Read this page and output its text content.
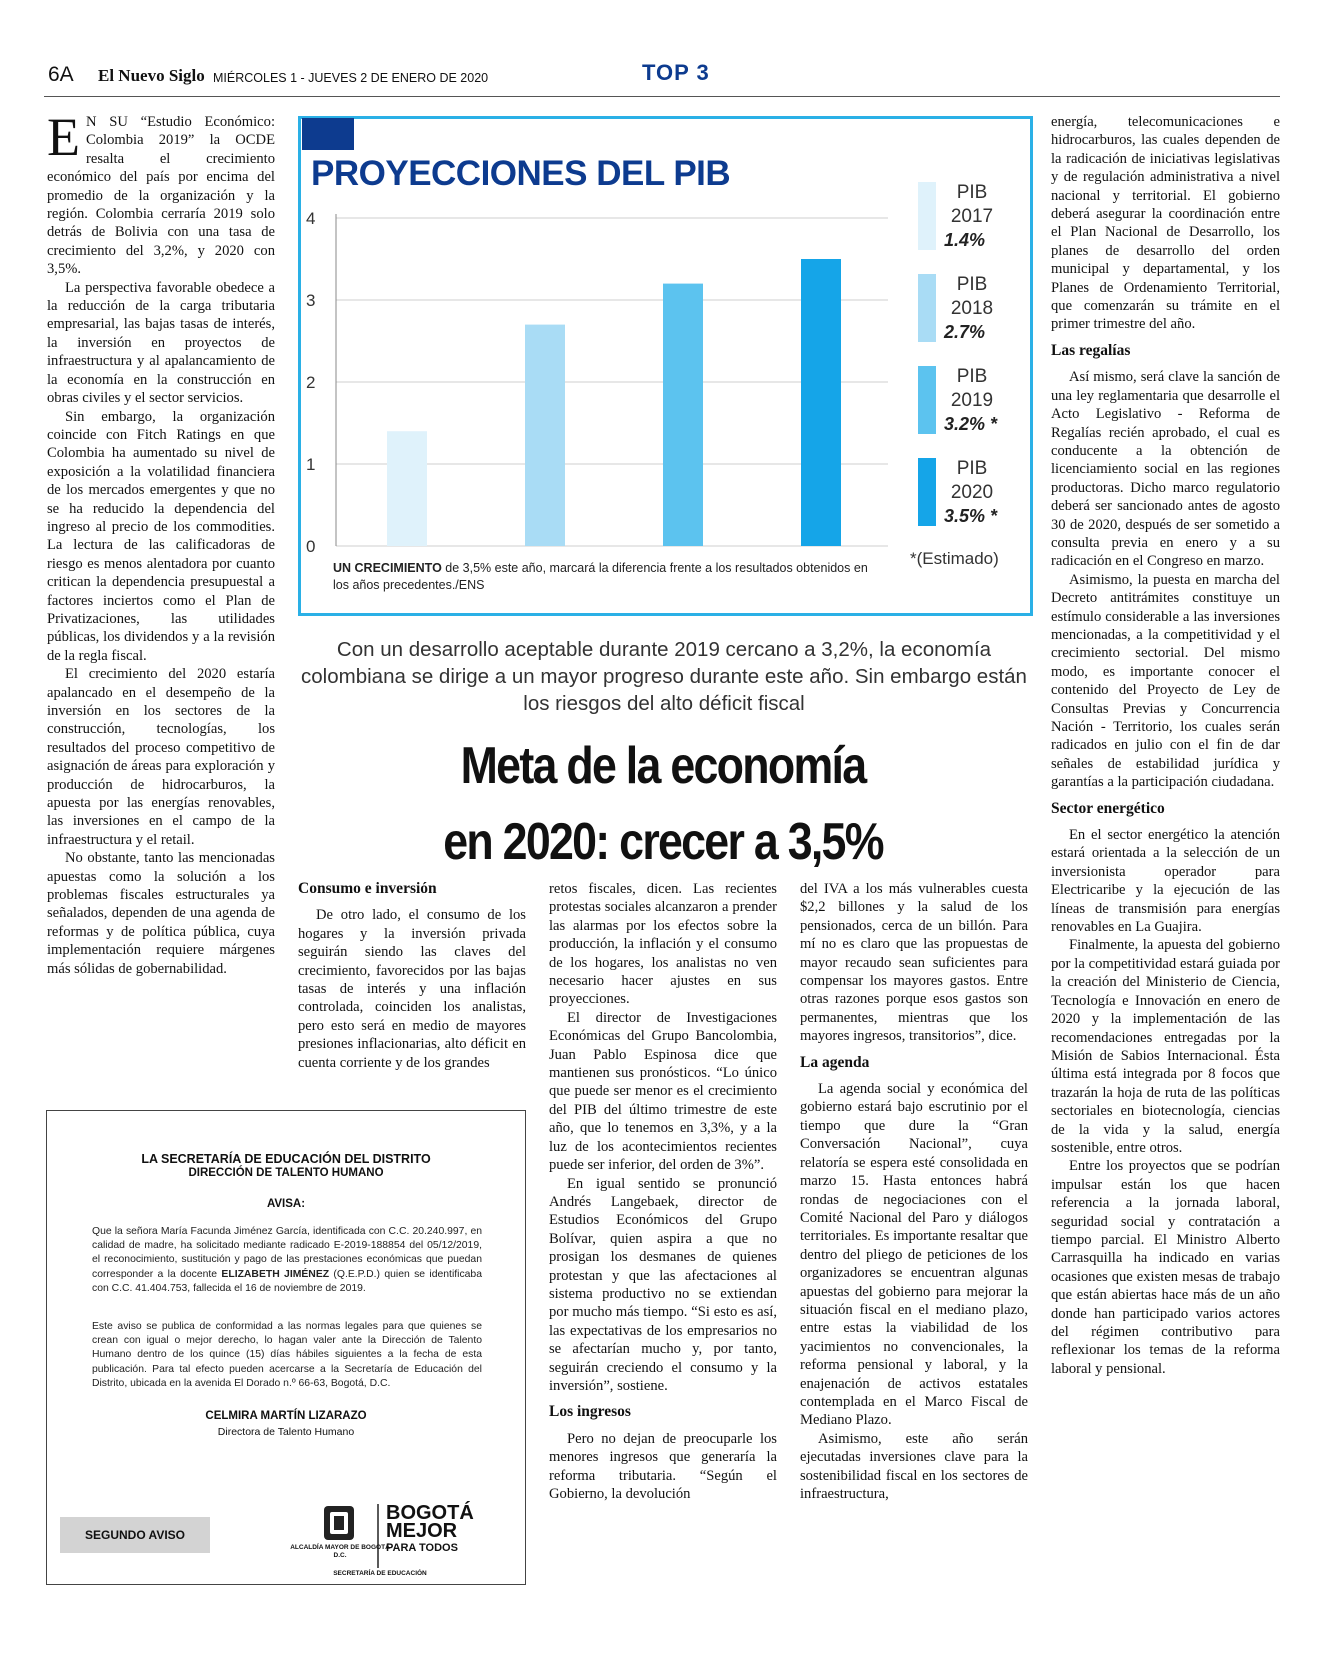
6A El Nuevo Siglo MIÉRCOLES 1 - JUEVES 2 DE ENERO DE 2020	TOP 3
E N SU “Estudio Económico: Colombia 2019” la OCDE resalta el crecimiento económico del país por encima del promedio de la organización y la región. Colombia cerraría 2019 solo detrás de Bolivia con una tasa de crecimiento del 3,2%, y 2020 con 3,5%.

La perspectiva favorable obedece a la reducción de la carga tributaria empresarial, las bajas tasas de interés, la inversión en proyectos de infraestructura y al apalancamiento de la economía en la construcción en obras civiles y el sector servicios.

Sin embargo, la organización coincide con Fitch Ratings en que Colombia ha aumentado su nivel de exposición a la volatilidad financiera de los mercados emergentes y que no se ha reducido la dependencia del ingreso al precio de los commodities. La lectura de las calificadoras de riesgo es menos alentadora por cuanto critican la dependencia presupuestal a factores inciertos como el Plan de Privatizaciones, las utilidades públicas, los dividendos y a la revisión de la regla fiscal.

El crecimiento del 2020 estaría apalancado en el desempeño de la inversión en los sectores de la construcción, tecnologías, los resultados del proceso competitivo de asignación de áreas para exploración y producción de hidrocarburos, la apuesta por las energías renovables, las inversiones en el campo de la infraestructura y el retail.

No obstante, tanto las mencionadas apuestas como la solución a los problemas fiscales estructurales ya señalados, dependen de una agenda de reformas y de política pública, cuya implementación requiere márgenes más sólidas de gobernabilidad.

PROYECCIONES DEL PIB
0
1
2
3
4
PIB
2017
1.4%
PIB
2018
2.7%
PIB
2019
3.2% *
PIB
2020
3.5% *
*(Estimado)
UN CRECIMIENTO de 3,5% este año, marcará la diferencia frente a los resultados obtenidos en los años precedentes./ENS
Con un desarrollo aceptable durante 2019 cercano a 3,2%, la economía colombiana se dirige a un mayor progreso durante este año. Sin embargo están los riesgos del alto déficit fiscal
Meta de la economía
en 2020: crecer a 3,5%
Consumo e inversión

De otro lado, el consumo de los hogares y la inversión privada seguirán siendo las claves del crecimiento, favorecidos por las bajas tasas de interés y una inflación controlada, coinciden los analistas, pero esto será en medio de mayores presiones inflacionarias, alto déficit en cuenta corriente y de los grandes

retos fiscales, dicen. Las recientes protestas sociales alcanzaron a prender las alarmas por los efectos sobre la producción, la inflación y el consumo de los hogares, los analistas no ven necesario hacer ajustes en sus proyecciones.

El director de Investigaciones Económicas del Grupo Bancolombia, Juan Pablo Espinosa dice que mantienen sus pronósticos. “Lo único que puede ser menor es el crecimiento del PIB del último trimestre de este año, que lo tenemos en 3,3%, y a la luz de los acontecimientos recientes puede ser inferior, del orden de 3%”.

En igual sentido se pronunció Andrés Langebaek, director de Estudios Económicos del Grupo Bolívar, quien aspira a que no prosigan los desmanes de quienes protestan y que las afectaciones al sistema productivo no se extiendan por mucho más tiempo. “Si esto es así, las expectativas de los empresarios no se afectarían mucho y, por tanto, seguirán creciendo el consumo y la inversión”, sostiene.

Los ingresos

Pero no dejan de preocuparle los menores ingresos que generaría la reforma tributaria. “Según el Gobierno, la devolución

del IVA a los más vulnerables cuesta $2,2 billones y la salud de los pensionados, cerca de un billón. Para mí no es claro que las propuestas de mayor recaudo sean suficientes para compensar los mayores gastos. Entre otras razones porque esos gastos son permanentes, mientras que los mayores ingresos, transitorios”, dice.

La agenda

La agenda social y económica del gobierno estará bajo escrutinio por el tiempo que dure la “Gran Conversación Nacional”, cuya relatoría se espera esté consolidada en marzo 15. Hasta entonces habrá rondas de negociaciones con el Comité Nacional del Paro y diálogos territoriales. Es importante resaltar que dentro del pliego de peticiones de los organizadores se encuentran algunas apuestas del gobierno para mejorar la situación fiscal en el mediano plazo, entre estas la viabilidad de los yacimientos no convencionales, la reforma pensional y laboral, y la enajenación de activos estatales contemplada en el Marco Fiscal de Mediano Plazo.

Asimismo, este año serán ejecutadas inversiones clave para la sostenibilidad fiscal en los sectores de infraestructura,

energía, telecomunicaciones e hidrocarburos, las cuales dependen de la radicación de iniciativas legislativas y de regulación administrativa a nivel nacional y territorial. El gobierno deberá asegurar la coordinación entre el Plan Nacional de Desarrollo, los planes de desarrollo del orden municipal y departamental, y los Planes de Ordenamiento Territorial, que comenzarán su trámite en el primer trimestre del año.

Las regalías

Así mismo, será clave la sanción de una ley reglamentaria que desarrolle el Acto Legislativo - Reforma de Regalías recién aprobado, el cual es conducente a la obtención de licenciamiento social en las regiones productoras. Dicho marco regulatorio deberá ser sancionado antes de agosto 30 de 2020, después de ser sometido a consulta previa en enero y a su radicación en el Congreso en marzo.

Asimismo, la puesta en marcha del Decreto antitrámites constituye un estímulo considerable a las inversiones mencionadas, a la competitividad y el crecimiento sectorial. Del mismo modo, es importante conocer el contenido del Proyecto de Ley de Consultas Previas y Concurrencia Nación - Territorio, los cuales serán radicados en julio con el fin de dar señales de estabilidad jurídica y garantías a la participación ciudadana.

Sector energético

En el sector energético la atención estará orientada a la selección de un inversionista operador para Electricaribe y la ejecución de las líneas de transmisión para energías renovables en La Guajira.

Finalmente, la apuesta del gobierno por la competitividad estará guiada por la creación del Ministerio de Ciencia, Tecnología e Innovación en enero de 2020 y la implementación de las recomendaciones entregadas por la Misión de Sabios Internacional. Ésta última está integrada por 8 focos que trazarán la hoja de ruta de las políticas sectoriales en biotecnología, ciencias de la vida y la salud, energía sostenible, entre otros.

Entre los proyectos que se podrían impulsar están los que hacen referencia a la jornada laboral, seguridad social y contratación a tiempo parcial. El Ministro Alberto Carrasquilla ha indicado en varias ocasiones que existen mesas de trabajo que están abiertas hace más de un año donde han participado varios actores del régimen contributivo para reflexionar los temas de la reforma laboral y pensional.

LA SECRETARÍA DE EDUCACIÓN DEL DISTRITO
DIRECCIÓN DE TALENTO HUMANO
AVISA:
Que la señora María Facunda Jiménez García, identificada con C.C. 20.240.997, en calidad de madre, ha solicitado mediante radicado E-2019-188854 del 05/12/2019, el reconocimiento, sustitución y pago de las prestaciones económicas que puedan corresponder a la docente ELIZABETH JIMÉNEZ (Q.E.P.D.) quien se identificaba con C.C. 41.404.753, fallecida el 16 de noviembre de 2019.
Este aviso se publica de conformidad a las normas legales para que quienes se crean con igual o mejor derecho, lo hagan valer ante la Dirección de Talento Humano dentro de los quince (15) días hábiles siguientes a la fecha de esta publicación. Para tal efecto pueden acercarse a la Secretaría de Educación del Distrito, ubicada en la avenida El Dorado n.º 66-63, Bogotá, D.C.
CELMIRA MARTÍN LIZARAZO
Directora de Talento Humano
SEGUNDO AVISO
ALCALDÍA MAYOR DE BOGOTÁ D.C.
BOGOTÁ
MEJOR
PARA TODOS
SECRETARÍA DE EDUCACIÓN
